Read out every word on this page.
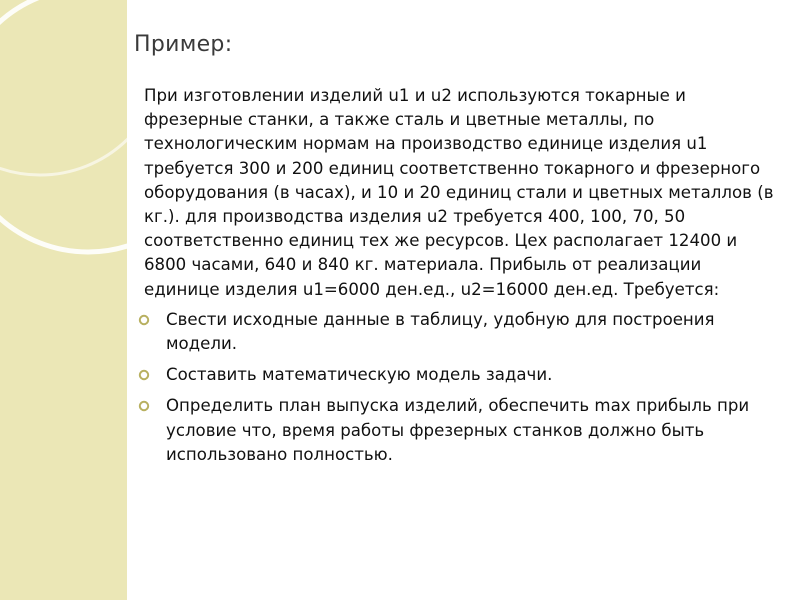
Пример:

При изготовлении изделий u1 и u2 используются токарные и фрезерные станки, а также сталь и цветные металлы, по технологическим нормам на производство единице изделия u1 требуется 300 и 200 единиц соответственно токарного и фрезерного оборудования (в часах), и 10 и 20 единиц стали и цветных металлов (в кг.). для производства изделия u2 требуется 400, 100, 70, 50 соответственно единиц тех же ресурсов. Цех располагает 12400 и 6800 часами, 640 и 840 кг. материала. Прибыль от реализации единице изделия u1=6000 ден.ед., u2=16000 ден.ед. Требуется:

Свести исходные данные в таблицу, удобную для построения модели.
Составить математическую модель задачи.
Определить план выпуска изделий, обеспечить max прибыль при условие что, время работы фрезерных станков должно быть использовано полностью.
